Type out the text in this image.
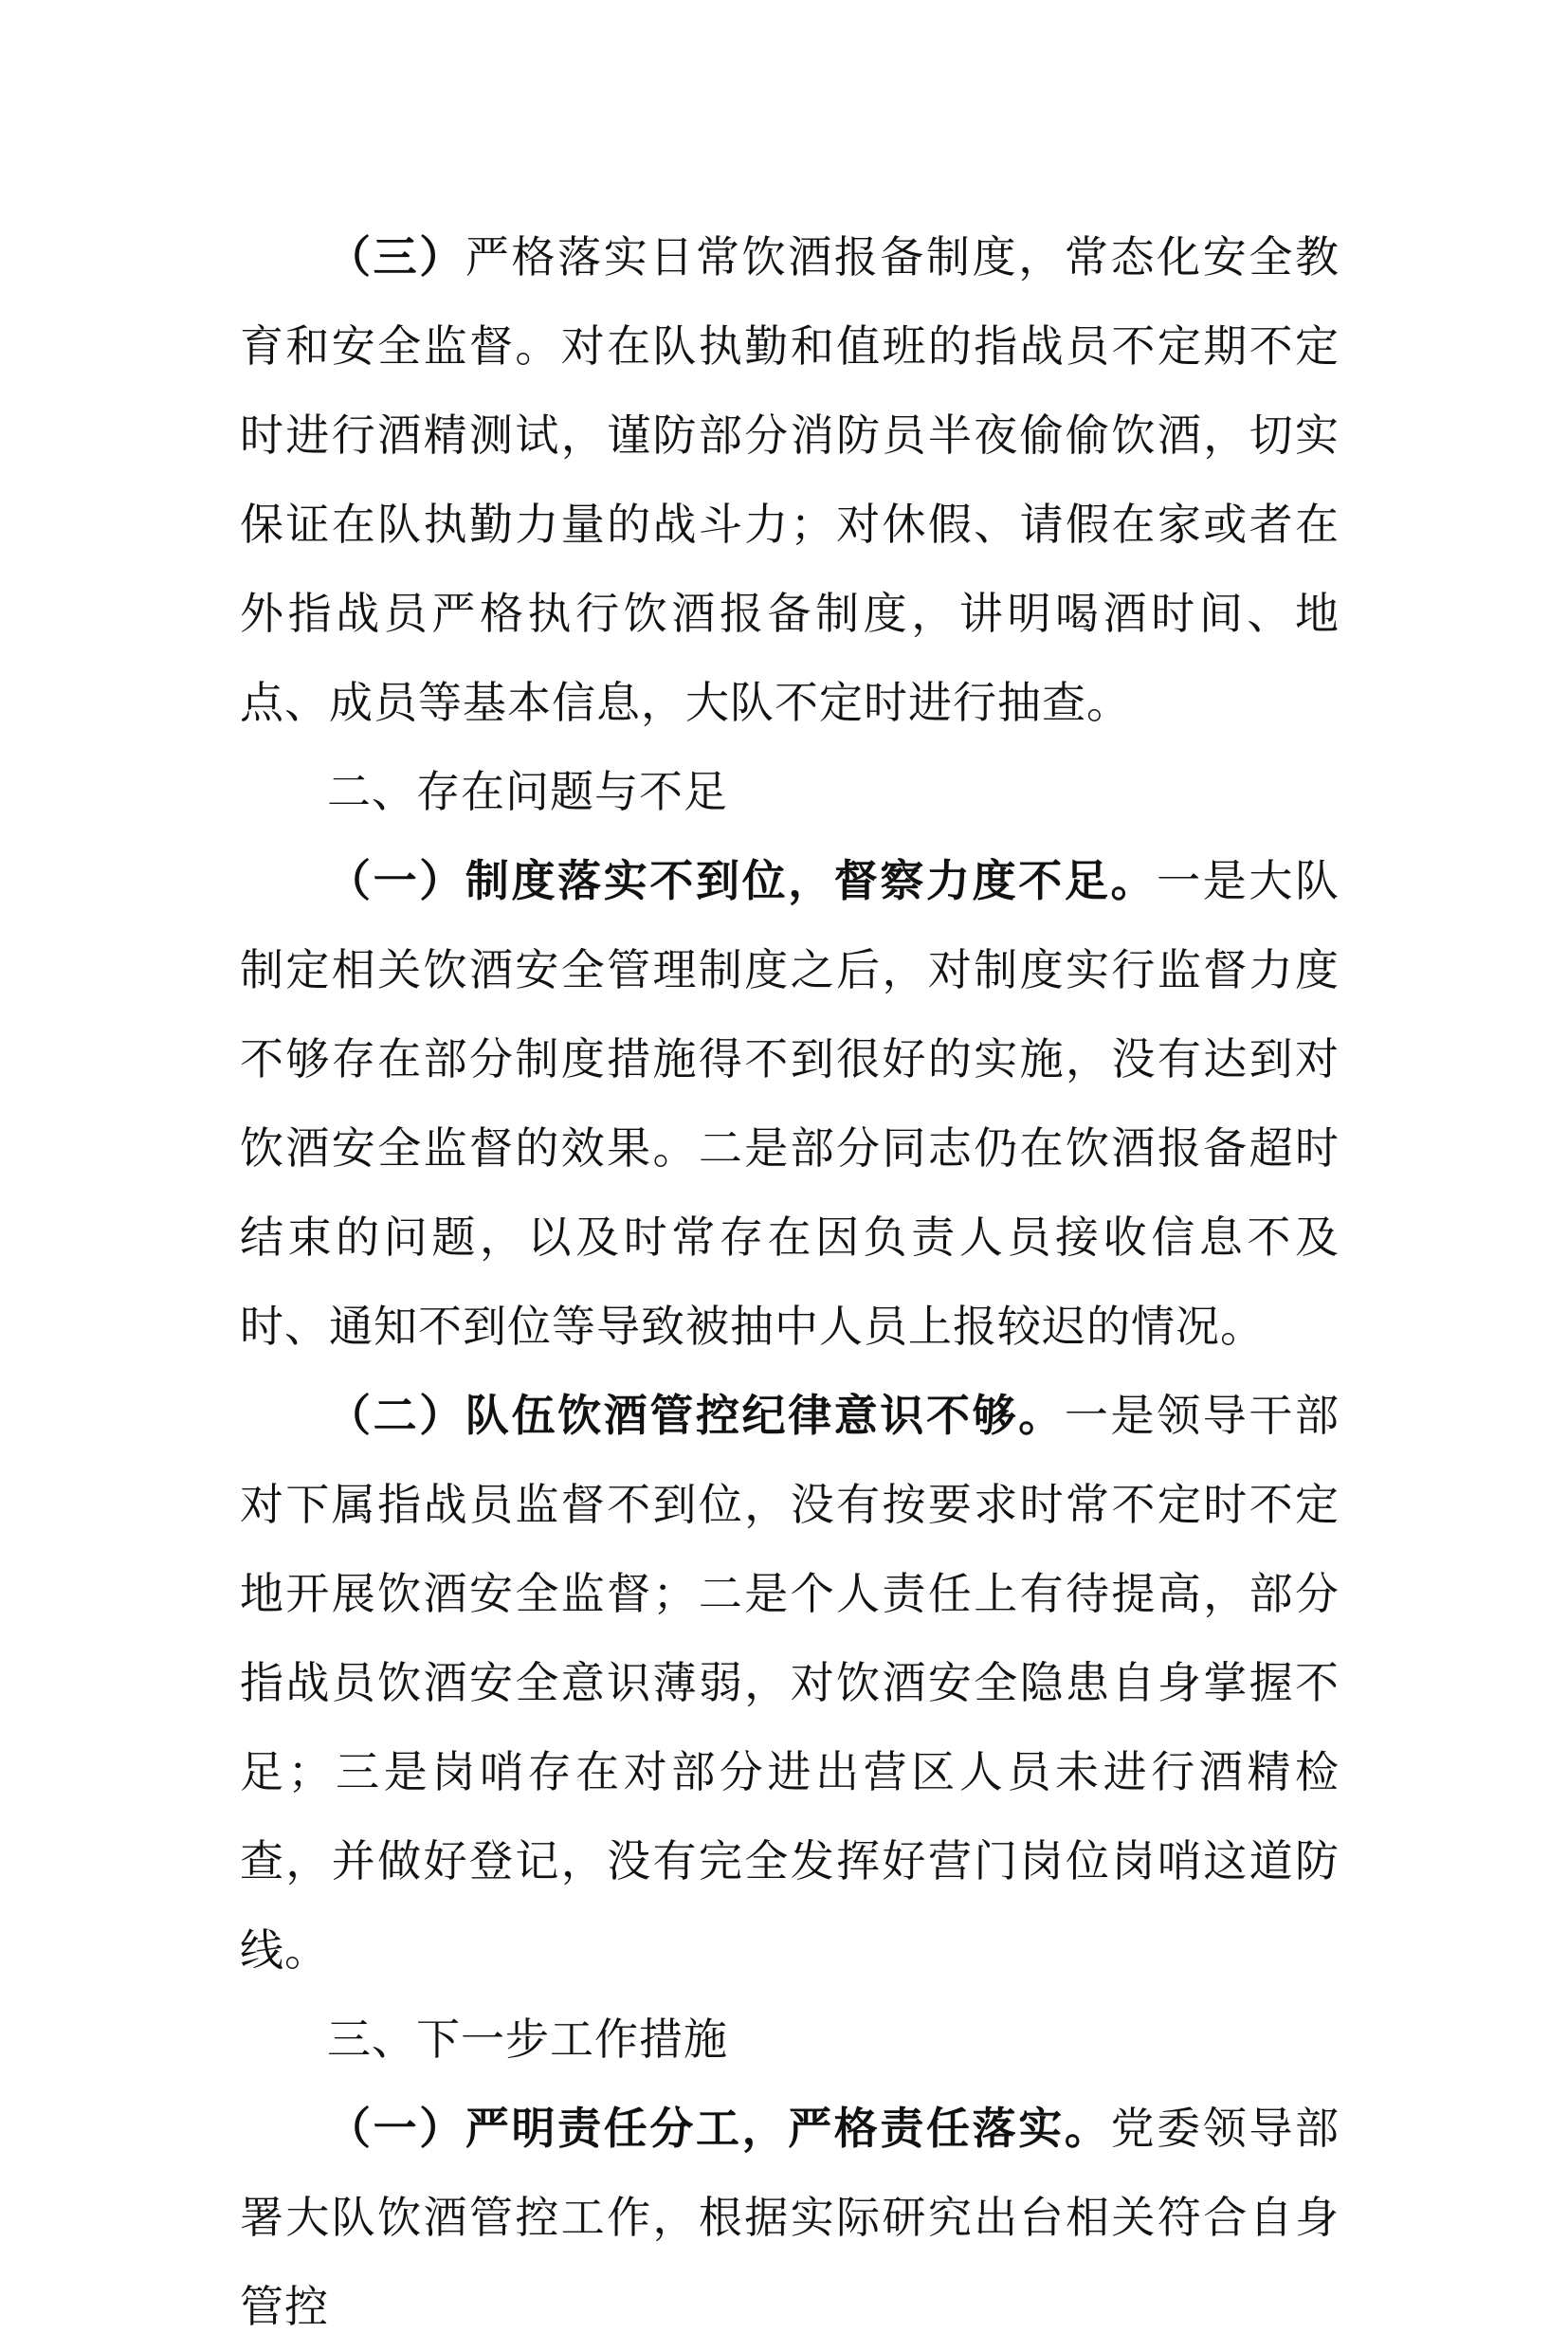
（三）严格落实日常饮酒报备制度，常态化安全教育和安全监督。对在队执勤和值班的指战员不定期不定时进行酒精测试，谨防部分消防员半夜偷偷饮酒，切实保证在队执勤力量的战斗力；对休假、请假在家或者在外指战员严格执行饮酒报备制度，讲明喝酒时间、地点、成员等基本信息，大队不定时进行抽查。

二、存在问题与不足

（一）制度落实不到位，督察力度不足。一是大队制定相关饮酒安全管理制度之后，对制度实行监督力度不够存在部分制度措施得不到很好的实施，没有达到对饮酒安全监督的效果。二是部分同志仍在饮酒报备超时结束的问题，以及时常存在因负责人员接收信息不及时、通知不到位等导致被抽中人员上报较迟的情况。

（二）队伍饮酒管控纪律意识不够。一是领导干部对下属指战员监督不到位，没有按要求时常不定时不定地开展饮酒安全监督；二是个人责任上有待提高，部分指战员饮酒安全意识薄弱，对饮酒安全隐患自身掌握不足；三是岗哨存在对部分进出营区人员未进行酒精检查，并做好登记，没有完全发挥好营门岗位岗哨这道防线。

三、下一步工作措施

（一）严明责任分工，严格责任落实。党委领导部署大队饮酒管控工作，根据实际研究出台相关符合自身管控
